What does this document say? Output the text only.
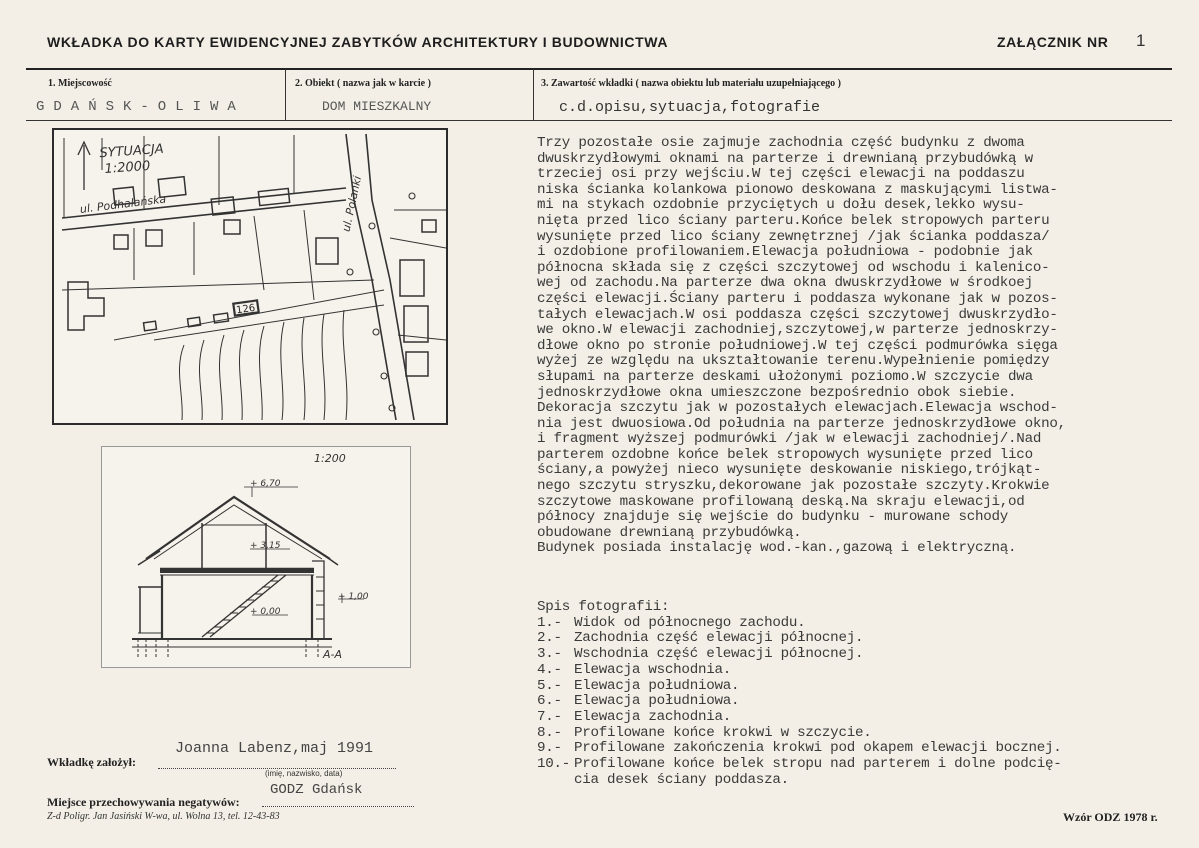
WKŁADKA DO KARTY EWIDENCYJNEJ ZABYTKÓW ARCHITEKTURY I BUDOWNICTWA	ZAŁĄCZNIK NR 1
1. Miejscowość	2. Obiekt ( nazwa jak w karcie )	3. Zawartość wkładki ( nazwa obiektu lub materiału uzupełniającego )
GDAŃSK-OLIWA	DOM MIESZKALNY	c.d.opisu,sytuacja,fotografie
126
SYTUACJA
1:2000
ul. Podhalańska	ul. Polanki
1:200
A-A
+ 6,70
+ 3,15
+ 0,00
+ 1,00
Trzy pozostałe osie zajmuje zachodnia część budynku z dwoma
dwuskrzydłowymi oknami na parterze i drewnianą przybudówką w
trzeciej osi przy wejściu.W tej części elewacji na poddaszu
niska ścianka kolankowa pionowo deskowana z maskującymi listwa-
mi na stykach ozdobnie przyciętych u dołu desek,lekko wysu-
nięta przed lico ściany parteru.Końce belek stropowych parteru
wysunięte przed lico ściany zewnętrznej /jak ścianka poddasza/
i ozdobione profilowaniem.Elewacja południowa - podobnie jak
północna składa się z części szczytowej od wschodu i kalenico-
wej od zachodu.Na parterze dwa okna dwuskrzydłowe w środkoej
części elewacji.Ściany parteru i poddasza wykonane jak w pozos-
tałych elewacjach.W osi poddasza części szczytowej dwuskrzydło-
we okno.W elewacji zachodniej,szczytowej,w parterze jednoskrzy-
dłowe okno po stronie południowej.W tej części podmurówka sięga
wyżej ze względu na ukształtowanie terenu.Wypełnienie pomiędzy
słupami na parterze deskami ułożonymi poziomo.W szczycie dwa
jednoskrzydłowe okna umieszczone bezpośrednio obok siebie.
Dekoracja szczytu jak w pozostałych elewacjach.Elewacja wschod-
nia jest dwuosiowa.Od południa na parterze jednoskrzydłowe okno,
i fragment wyższej podmurówki /jak w elewacji zachodniej/.Nad
parterem ozdobne końce belek stropowych wysunięte przed lico
ściany,a powyżej nieco wysunięte deskowanie niskiego,trójkąt-
nego szczytu stryszku,dekorowane jak pozostałe szczyty.Krokwie
szczytowe maskowane profilowaną deską.Na skraju elewacji,od
północy znajduje się wejście do budynku - murowane schody
obudowane drewnianą przybudówką.
Budynek posiada instalację wod.-kan.,gazową i elektryczną.
Spis fotografii:
1.- Widok od północnego zachodu.
2.- Zachodnia część elewacji północnej.
3.- Wschodnia część elewacji północnej.
4.- Elewacja wschodnia.
5.- Elewacja południowa.
6.- Elewacja południowa.
7.- Elewacja zachodnia.
8.- Profilowane końce krokwi w szczycie.
9.- Profilowane zakończenia krokwi pod okapem elewacji bocznej.
10.- Profilowane końce belek stropu nad parterem i dolne podcię-
cia desek ściany poddasza.
Wkładkę założył:
Joanna Labenz,maj 1991
(imię, nazwisko, data)
Miejsce przechowywania negatywów:
GODZ Gdańsk
Z-d Poligr. Jan Jasiński W-wa, ul. Wolna 13, tel. 12-43-83	Wzór ODZ 1978 r.
